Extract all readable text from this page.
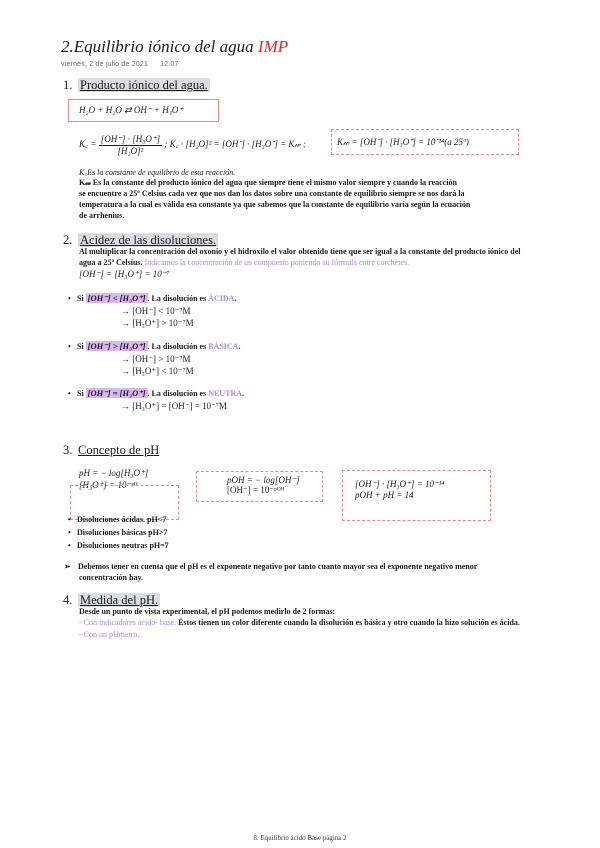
2.Equilibrio iónico del agua IMP
viernes, 2 de julio de 2021 12:07
1. Producto iónico del agua.
H₂O + H₂O ⇄ OH⁻ + H₃O⁺
K꜀ = $\frac{\text{[OH⁻] · [H₃O⁺]}}{\text{[H₂O]²}}$ ; K꜀ · [H₂O]² = [OH⁻] · [H₃O⁺] = K𝓌 ;	K𝓌 = [OH⁻] · [H₃O⁺] = 10⁻¹⁴(a 25º)
K꜀Es la constante de equilibrio de esta reacción.
K𝓌 Es la constante del producto iónico del agua que siempre tiene el mismo valor siempre y cuando la reacción
se encuentre a 25º Celsius cada vez que nos dan los datos sobre una constante de equilibrio siempre se nos dará la
temperatura a la cual es válida esa constante ya que sabemos que la constante de equilibrio varía según la ecuación
de arrhenius.
2. Acidez de las disoluciones.
Al multiplicar la concentración del oxonio y el hidroxilo el valor obtenido tiene que ser igual a la constante del producto iónico del
agua a 25º Celsius. Indicamos la concentración de un compuesto poniendo su fórmula entre corchetes.
[OH⁻] = [H₃O⁺] = 10⁻⁷
• Si [OH⁻] < [H₃O⁺] . La disolución es ÁCIDA.
→ [OH⁻] < 10⁻⁷M
→ [H₃O⁺] > 10⁻⁷M
• Si [OH⁻] > [H₃O⁺] . La disolución es BÁSICA.
→ [OH⁻] > 10⁻⁷M
→ [H₃O⁺] < 10⁻⁷M
• Si [OH⁻] = [H₃O⁺] . La disolución es NEUTRA.
→ [H₃O⁺] = [OH⁻] = 10⁻⁷M
3. Concepto de pH
pH = − log[H₃O⁺]
[H₃O⁺] = 10⁻ᵖᴴ	pOH = − log[OH⁻]
[OH⁻] = 10⁻ᵖᴼᴴ
[OH⁻] · [H₃O⁺] = 10⁻¹⁴
pOH + pH = 14
• Disoluciones ácidas. pH<7
• Disoluciones básicas pH>7
• Disoluciones neutras pH=7
➢ Debemos tener en cuenta que el pH es el exponente negativo por tanto cuanto mayor sea el exponente negativo menor
concentración hay.
4. Medida del pH.
Desde un punto de vista experimental, el pH podemos medirlo de 2 formas:
- Con indicadores ácido- base. Éstos tienen un color diferente cuando la disolución es básica y otro cuando la hizo solución es ácida.
- Con un pHmetro.
8. Equilibrio ácido Base página 2
